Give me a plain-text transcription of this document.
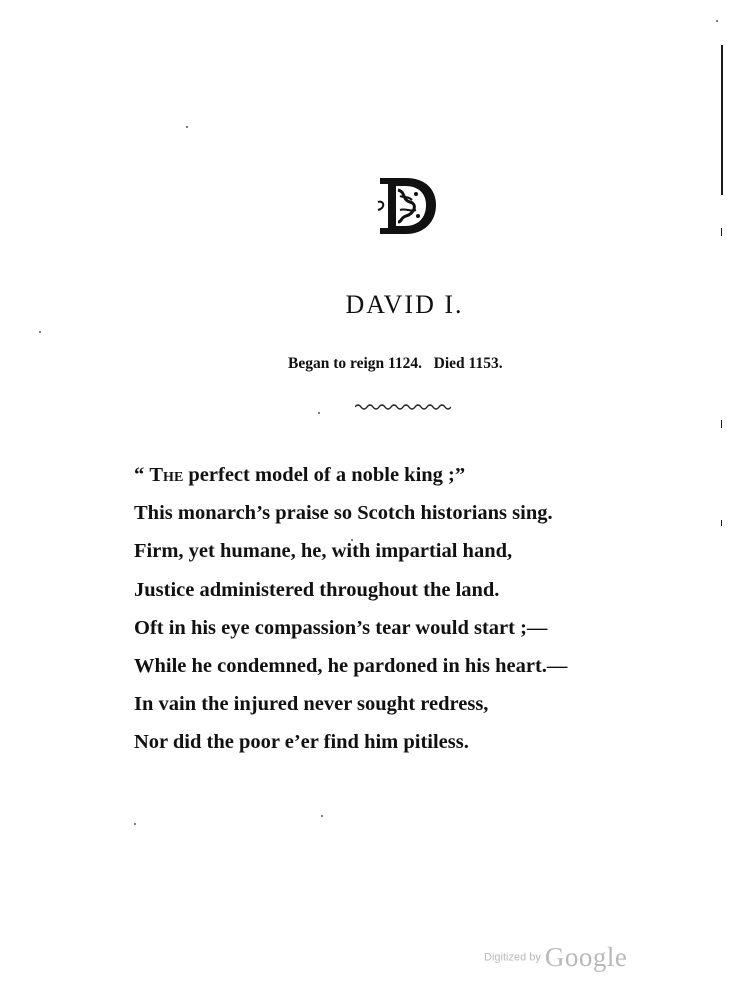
DAVID I.
Began to reign 1124.   Died 1153.
“ The perfect model of a noble king ;”
This monarch’s praise so Scotch historians sing.
Firm, yet humane, he, with impartial hand,
Justice administered throughout the land.
Oft in his eye compassion’s tear would start ;—
While he condemned, he pardoned in his heart.—
In vain the injured never sought redress,
Nor did the poor e’er find him pitiless.
Digitized by Google
